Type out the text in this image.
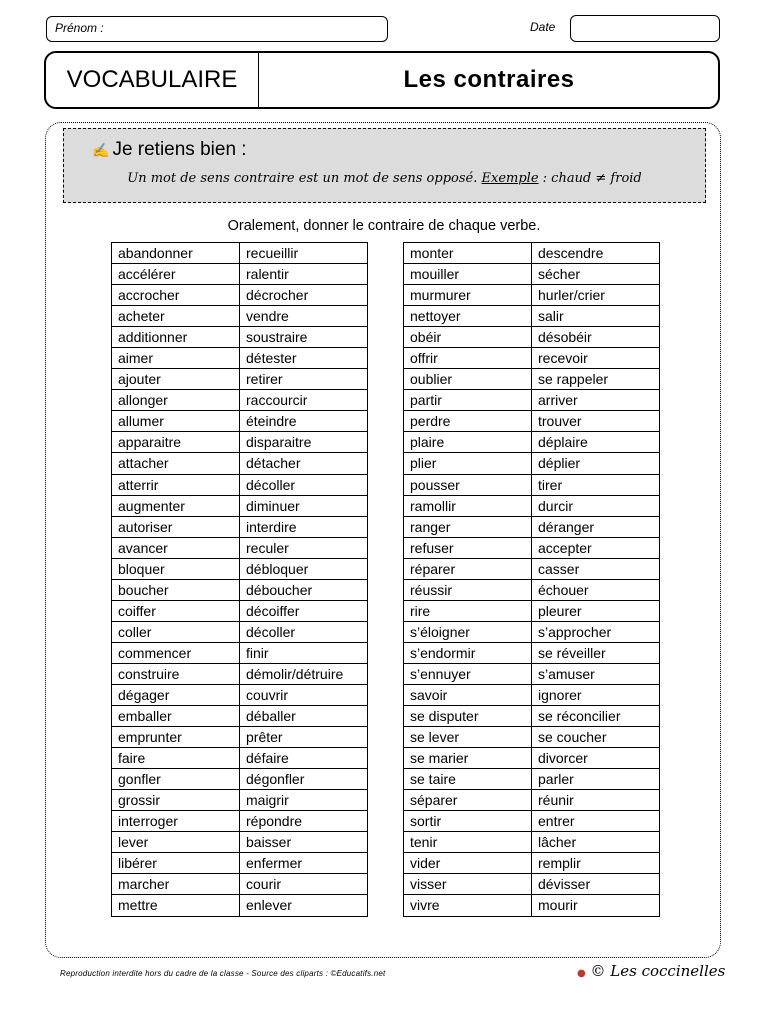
Prénom :	Date
VOCABULAIRE	Les contraires
✍ Je retiens bien :
Un mot de sens contraire est un mot de sens opposé. Exemple : chaud ≠ froid
Oralement, donner le contraire de chaque verbe.
abandonner	recueillir
accélérer	ralentir
accrocher	décrocher
acheter	vendre
additionner	soustraire
aimer	détester
ajouter	retirer
allonger	raccourcir
allumer	éteindre
apparaitre	disparaitre
attacher	détacher
atterrir	décoller
augmenter	diminuer
autoriser	interdire
avancer	reculer
bloquer	débloquer
boucher	déboucher
coiffer	décoiffer
coller	décoller
commencer	finir
construire	démolir/détruire
dégager	couvrir
emballer	déballer
emprunter	prêter
faire	défaire
gonfler	dégonfler
grossir	maigrir
interroger	répondre
lever	baisser
libérer	enfermer
marcher	courir
mettre	enlever
monter	descendre
mouiller	sécher
murmurer	hurler/crier
nettoyer	salir
obéir	désobéir
offrir	recevoir
oublier	se rappeler
partir	arriver
perdre	trouver
plaire	déplaire
plier	déplier
pousser	tirer
ramollir	durcir
ranger	déranger
refuser	accepter
réparer	casser
réussir	échouer
rire	pleurer
s’éloigner	s’approcher
s’endormir	se réveiller
s’ennuyer	s’amuser
savoir	ignorer
se disputer	se réconcilier
se lever	se coucher
se marier	divorcer
se taire	parler
séparer	réunir
sortir	entrer
tenir	lâcher
vider	remplir
visser	dévisser
vivre	mourir
Reproduction interdite hors du cadre de la classe - Source des cliparts : ©Educatifs.net	● © Les coccinelles
